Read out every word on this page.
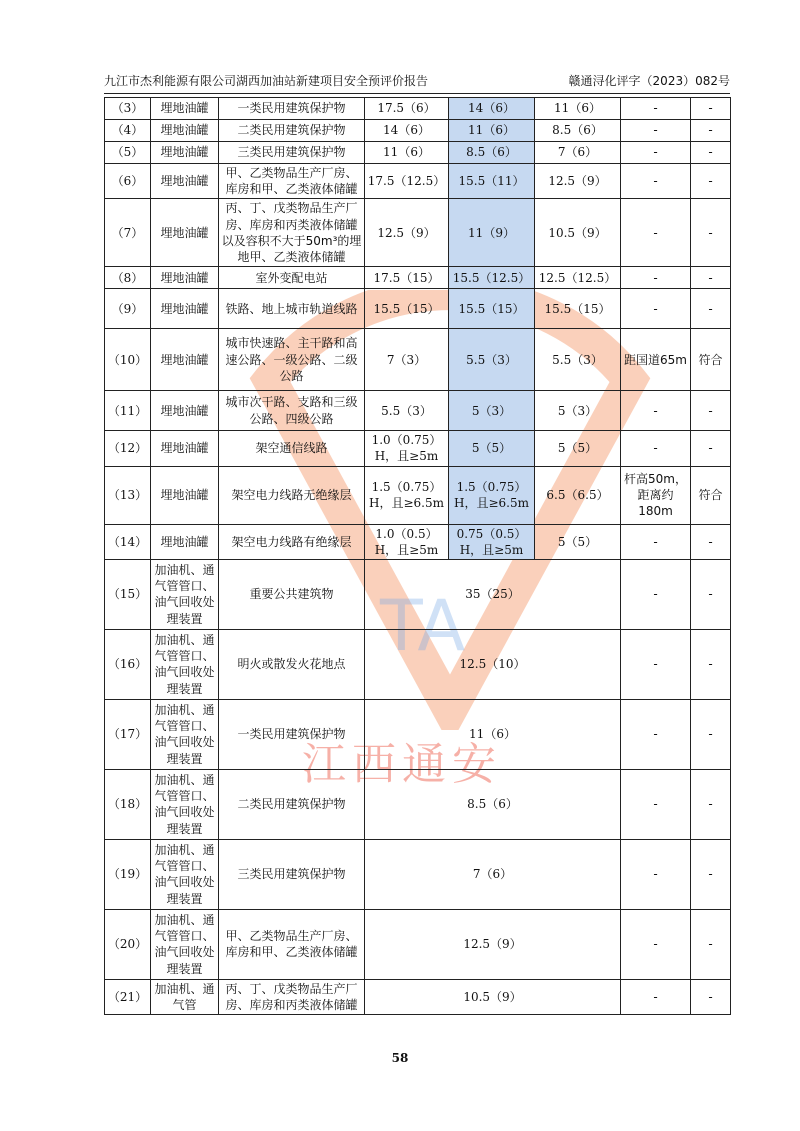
九江市杰利能源有限公司湖西加油站新建项目安全预评价报告	赣通浔化评字（2023）082号
TA
江西通安
（3）	埋地油罐	一类民用建筑保护物	17.5（6）	14（6）	11（6）	-	-
（4）	埋地油罐	二类民用建筑保护物	14（6）	11（6）	8.5（6）	-	-
（5）	埋地油罐	三类民用建筑保护物	11（6）	8.5（6）	7（6）	-	-
（6）	埋地油罐	甲、乙类物品生产厂房、库房和甲、乙类液体储罐	17.5（12.5）	15.5（11）	12.5（9）	-	-
（7）	埋地油罐	丙、丁、戊类物品生产厂房、库房和丙类液体储罐以及容积不大于50m³的埋地甲、乙类液体储罐	12.5（9）	11（9）	10.5（9）	-	-
（8）	埋地油罐	室外变配电站	17.5（15）	15.5（12.5）	12.5（12.5）	-	-
（9）	埋地油罐	铁路、地上城市轨道线路	15.5（15）	15.5（15）	15.5（15）	-	-
（10）	埋地油罐	城市快速路、主干路和高速公路、一级公路、二级公路	7（3）	5.5（3）	5.5（3）	距国道65m	符合
（11）	埋地油罐	城市次干路、支路和三级公路、四级公路	5.5（3）	5（3）	5（3）	-	-
（12）	埋地油罐	架空通信线路	1.0（0.75）H，且≥5m	5（5）	5（5）	-	-
（13）	埋地油罐	架空电力线路无绝缘层	1.5（0.75）H，且≥6.5m	1.5（0.75）H，且≥6.5m	6.5（6.5）	杆高50m，距离约180m	符合
（14）	埋地油罐	架空电力线路有绝缘层	1.0（0.5）H，且≥5m	0.75（0.5）H，且≥5m	5（5）	-	-
（15）	加油机、通气管管口、油气回收处理装置	重要公共建筑物	35（25）			-	-
（16）	加油机、通气管管口、油气回收处理装置	明火或散发火花地点	12.5（10）			-	-
（17）	加油机、通气管管口、油气回收处理装置	一类民用建筑保护物	11（6）			-	-
（18）	加油机、通气管管口、油气回收处理装置	二类民用建筑保护物	8.5（6）			-	-
（19）	加油机、通气管管口、油气回收处理装置	三类民用建筑保护物	7（6）			-	-
（20）	加油机、通气管管口、油气回收处理装置	甲、乙类物品生产厂房、库房和甲、乙类液体储罐	12.5（9）			-	-
（21）	加油机、通气管	丙、丁、戊类物品生产厂房、库房和丙类液体储罐	10.5（9）			-	-
58
